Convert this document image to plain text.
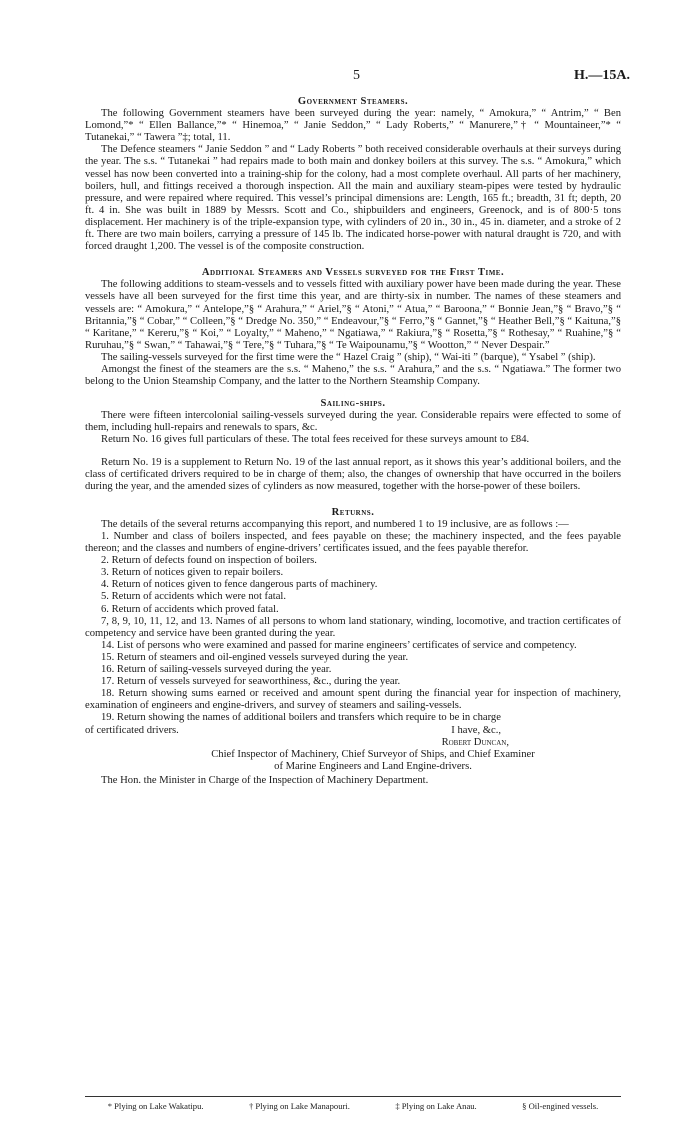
5	H.—15A.
Government Steamers.

The following Government steamers have been surveyed during the year: namely, “ Amokura,” “ Antrim,” “ Ben Lomond,”* “ Ellen Ballance,”* “ Hinemoa,” “ Janie Seddon,” “ Lady Roberts,” “ Manurere,”† “ Mountaineer,”* “ Tutanekai,” “ Tawera ”‡; total, 11.

The Defence steamers “ Janie Seddon ” and “ Lady Roberts ” both received considerable overhauls at their surveys during the year. The s.s. “ Tutanekai ” had repairs made to both main and donkey boilers at this survey. The s.s. “ Amokura,” which vessel has now been converted into a training-ship for the colony, had a most complete overhaul. All parts of her machinery, boilers, hull, and fittings received a thorough inspection. All the main and auxiliary steam-pipes were tested by hydraulic pressure, and were repaired where required. This vessel’s principal dimensions are: Length, 165 ft.; breadth, 31 ft; depth, 20 ft. 4 in. She was built in 1889 by Messrs. Scott and Co., shipbuilders and engineers, Greenock, and is of 800·5 tons displacement. Her machinery is of the triple-expansion type, with cylinders of 20 in., 30 in., 45 in. diameter, and a stroke of 2 ft. There are two main boilers, carrying a pressure of 145 lb. The indicated horse-power with natural draught is 720, and with forced draught 1,200. The vessel is of the composite construction.

Additional Steamers and Vessels surveyed for the First Time.

The following additions to steam-vessels and to vessels fitted with auxiliary power have been made during the year. These vessels have all been surveyed for the first time this year, and are thirty-six in number. The names of these steamers and vessels are: “ Amokura,” “ Antelope,”§ “ Arahura,” “ Ariel,”§ “ Atoni,” “ Atua,” “ Baroona,” “ Bonnie Jean,”§ “ Bravo,”§ “ Britannia,”§ “ Cobar,” “ Colleen,”§ “ Dredge No. 350,” “ Endeavour,”§ “ Ferro,”§ “ Gannet,”§ “ Heather Bell,”§ “ Kaituna,”§ “ Karitane,” “ Kereru,”§ “ Koi,” “ Loyalty,” “ Maheno,” “ Ngatiawa,” “ Rakiura,”§ “ Rosetta,”§ “ Rothesay,” “ Ruahine,”§ “ Ruruhau,”§ “ Swan,” “ Tahawai,”§ “ Tere,”§ “ Tuhara,”§ “ Te Waipounamu,”§ “ Wootton,” “ Never Despair.”

The sailing-vessels surveyed for the first time were the “ Hazel Craig ” (ship), “ Wai-iti ” (barque), “ Ysabel ” (ship).

Amongst the finest of the steamers are the s.s. “ Maheno,” the s.s. “ Arahura,” and the s.s. “ Ngatiawa.” The former two belong to the Union Steamship Company, and the latter to the Northern Steamship Company.

Sailing-ships.

There were fifteen intercolonial sailing-vessels surveyed during the year. Considerable repairs were effected to some of them, including hull-repairs and renewals to spars, &c.

Return No. 16 gives full particulars of these. The total fees received for these surveys amount to £84.

Return No. 19 is a supplement to Return No. 19 of the last annual report, as it shows this year’s additional boilers, and the class of certificated drivers required to be in charge of them; also, the changes of ownership that have occurred in the boilers during the year, and the amended sizes of cylinders as now measured, together with the horse-power of these boilers.

Returns.

The details of the several returns accompanying this report, and numbered 1 to 19 inclusive, are as follows :—

1. Number and class of boilers inspected, and fees payable on these; the machinery inspected, and the fees payable thereon; and the classes and numbers of engine-drivers’ certificates issued, and the fees payable therefor.

2. Return of defects found on inspection of boilers.

3. Return of notices given to repair boilers.

4. Return of notices given to fence dangerous parts of machinery.

5. Return of accidents which were not fatal.

6. Return of accidents which proved fatal.

7, 8, 9, 10, 11, 12, and 13. Names of all persons to whom land stationary, winding, locomotive, and traction certificates of competency and service have been granted during the year.

14. List of persons who were examined and passed for marine engineers’ certificates of service and competency.

15. Return of steamers and oil-engined vessels surveyed during the year.

16. Return of sailing-vessels surveyed during the year.

17. Return of vessels surveyed for seaworthiness, &c., during the year.

18. Return showing sums earned or received and amount spent during the financial year for inspection of machinery, examination of engineers and engine-drivers, and survey of steamers and sailing-vessels.

19. Return showing the names of additional boilers and transfers which require to be in charge

of certificated drivers.	I have, &c.,
Robert Duncan,
Chief Inspector of Machinery, Chief Surveyor of Ships, and Chief Examiner
of Marine Engineers and Land Engine-drivers.

The Hon. the Minister in Charge of the Inspection of Machinery Department.

* Plying on Lake Wakatipu.	† Plying on Lake Manapouri.	‡ Plying on Lake Anau.	§ Oil-engined vessels.
